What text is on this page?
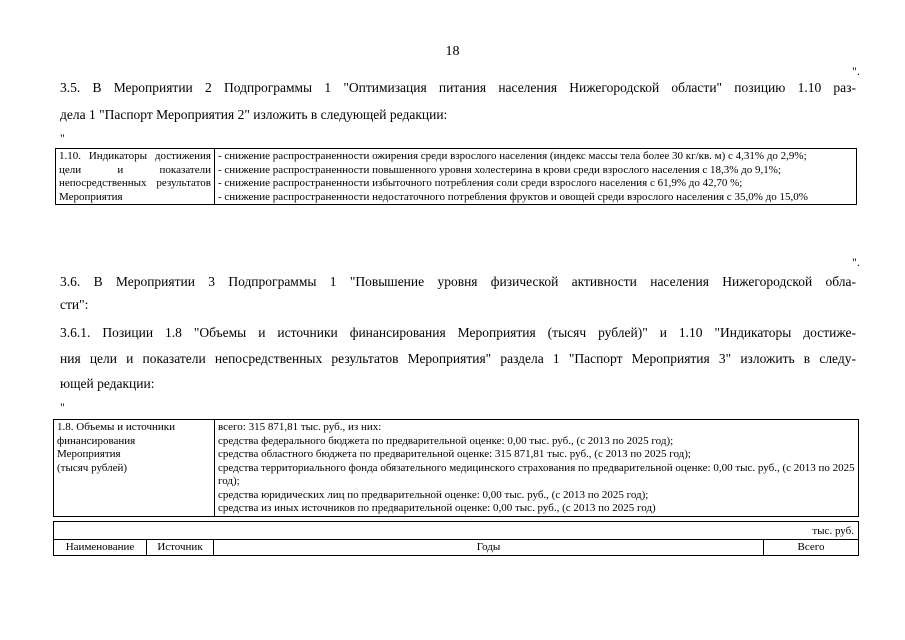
18
".
3.5. В Мероприятии 2 Подпрограммы 1 "Оптимизация питания населения Нижегородской области" позицию 1.10 раз-
дела 1 "Паспорт Мероприятия 2" изложить в следующей редакции:
"
1.10. Индикаторы достижения цели и показатели непосредственных результатов Мероприятия	
- снижение распространенности ожирения среди взрослого населения (индекс массы тела более 30 кг/кв. м) с 4,31% до 2,9%;
- снижение распространенности повышенного уровня холестерина в крови среди взрослого населения с 18,3% до 9,1%;
- снижение распространенности избыточного потребления соли среди взрослого населения с 61,9% до 42,70 %;
- снижение распространенности недостаточного потребления фруктов и овощей среди взрослого населения с 35,0% до 15,0%
".
3.6. В Мероприятии 3 Подпрограммы 1 "Повышение уровня физической активности населения Нижегородской обла-
сти":
3.6.1. Позиции 1.8 "Объемы и источники финансирования Мероприятия (тысяч рублей)" и 1.10 "Индикаторы достиже-
ния цели и показатели непосредственных результатов Мероприятия" раздела 1 "Паспорт Мероприятия 3" изложить в следу-
ющей редакции:
"
1.8. Объемы и источники
финансирования
Мероприятия
(тысяч рублей)

всего: 315 871,81 тыс. руб., из них:
средства федерального бюджета по предварительной оценке: 0,00 тыс. руб., (с 2013 по 2025 год);
средства областного бюджета по предварительной оценке: 315 871,81 тыс. руб., (с 2013 по 2025 год);
средства территориального фонда обязательного медицинского страхования по предварительной оценке: 0,00 тыс. руб., (с 2013 по 2025 год);
средства юридических лиц по предварительной оценке: 0,00 тыс. руб., (с 2013 по 2025 год);
средства из иных источников по предварительной оценке: 0,00 тыс. руб., (с 2013 по 2025 год)
тыс. руб.
Наименование	Источник	Годы	Всего
